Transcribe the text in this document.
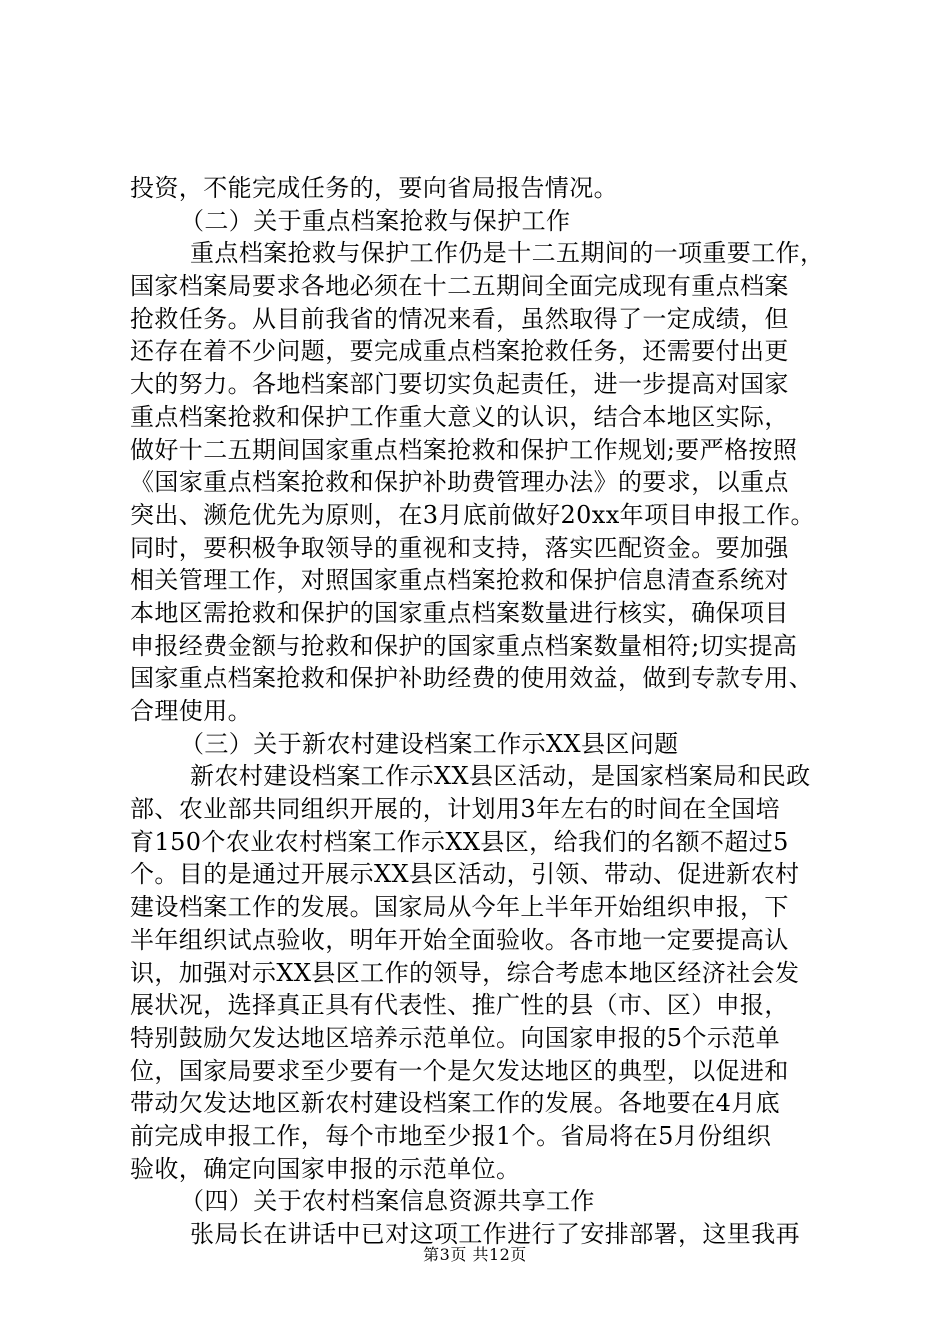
投资，不能完成任务的，要向省局报告情况。
（二）关于重点档案抢救与保护工作
重点档案抢救与保护工作仍是十二五期间的一项重要工作，
国家档案局要求各地必须在十二五期间全面完成现有重点档案
抢救任务。从目前我省的情况来看，虽然取得了一定成绩，但
还存在着不少问题，要完成重点档案抢救任务，还需要付出更
大的努力。各地档案部门要切实负起责任，进一步提高对国家
重点档案抢救和保护工作重大意义的认识，结合本地区实际，
做好十二五期间国家重点档案抢救和保护工作规划;要严格按照
《国家重点档案抢救和保护补助费管理办法》的要求，以重点
突出、濒危优先为原则，在3月底前做好20xx年项目申报工作。
同时，要积极争取领导的重视和支持，落实匹配资金。要加强
相关管理工作，对照国家重点档案抢救和保护信息清查系统对
本地区需抢救和保护的国家重点档案数量进行核实，确保项目
申报经费金额与抢救和保护的国家重点档案数量相符;切实提高
国家重点档案抢救和保护补助经费的使用效益，做到专款专用、
合理使用。
（三）关于新农村建设档案工作示XX县区问题
新农村建设档案工作示XX县区活动，是国家档案局和民政
部、农业部共同组织开展的，计划用3年左右的时间在全国培
育150个农业农村档案工作示XX县区，给我们的名额不超过5
个。目的是通过开展示XX县区活动，引领、带动、促进新农村
建设档案工作的发展。国家局从今年上半年开始组织申报，下
半年组织试点验收，明年开始全面验收。各市地一定要提高认
识，加强对示XX县区工作的领导，综合考虑本地区经济社会发
展状况，选择真正具有代表性、推广性的县（市、区）申报，
特别鼓励欠发达地区培养示范单位。向国家申报的5个示范单
位，国家局要求至少要有一个是欠发达地区的典型，以促进和
带动欠发达地区新农村建设档案工作的发展。各地要在4月底
前完成申报工作，每个市地至少报1个。省局将在5月份组织
验收，确定向国家申报的示范单位。
（四）关于农村档案信息资源共享工作
张局长在讲话中已对这项工作进行了安排部署，这里我再
第3页 共12页
